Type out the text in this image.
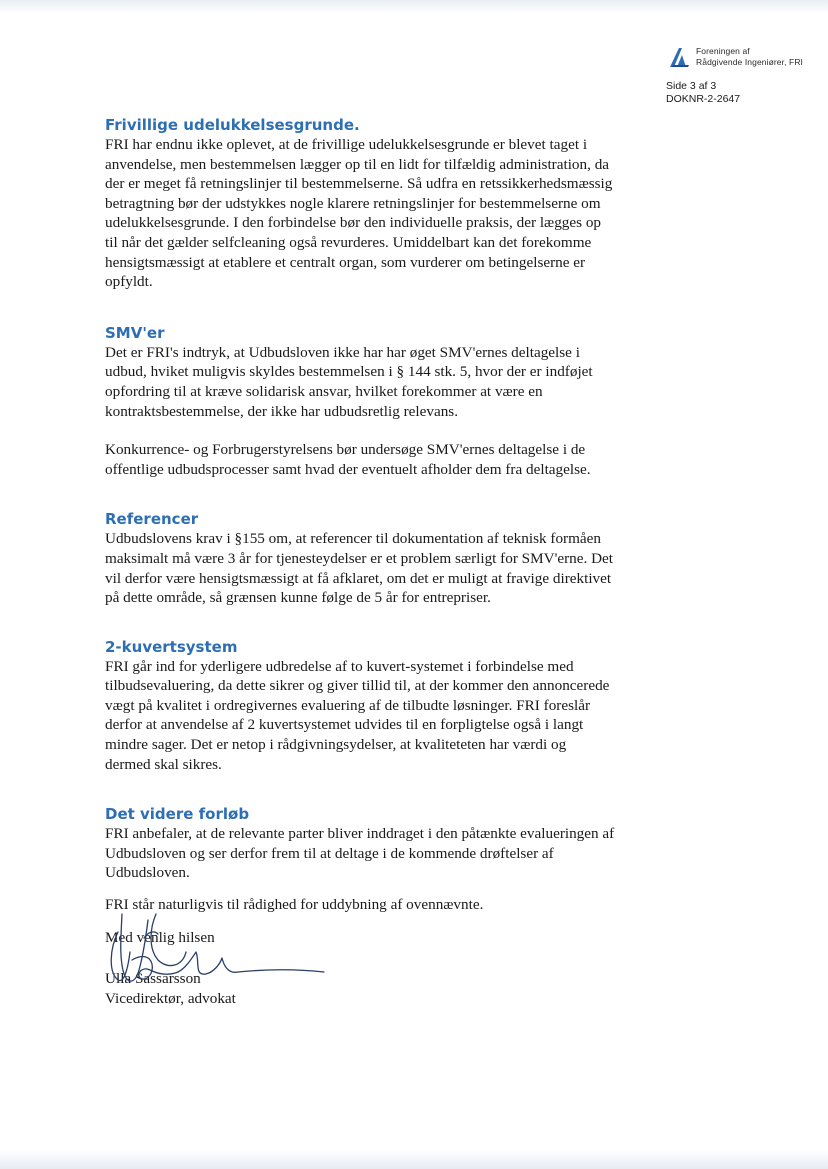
Foreningen af
Rådgivende Ingeniører, FRI
Side 3 af 3
DOKNR-2-2647
Frivillige udelukkelsesgrunde.

FRI har endnu ikke oplevet, at de frivillige udelukkelsesgrunde er blevet taget i
anvendelse, men bestemmelsen lægger op til en lidt for tilfældig administration, da
der er meget få retningslinjer til bestemmelserne. Så udfra en retssikkerhedsmæssig
betragtning bør der udstykkes nogle klarere retningslinjer for bestemmelserne om
udelukkelsesgrunde. I den forbindelse bør den individuelle praksis, der lægges op
til når det gælder selfcleaning også revurderes. Umiddelbart kan det forekomme
hensigtsmæssigt at etablere et centralt organ, som vurderer om betingelserne er
opfyldt.

SMV'er

Det er FRI's indtryk, at Udbudsloven ikke har har øget SMV'ernes deltagelse i
udbud, hviket muligvis skyldes bestemmelsen i § 144 stk. 5, hvor der er indføjet
opfordring til at kræve solidarisk ansvar, hvilket forekommer at være en
kontraktsbestemmelse, der ikke har udbudsretlig relevans.

Konkurrence- og Forbrugerstyrelsens bør undersøge SMV'ernes deltagelse i de
offentlige udbudsprocesser samt hvad der eventuelt afholder dem fra deltagelse.

Referencer

Udbudslovens krav i §155 om, at referencer til dokumentation af teknisk formåen
maksimalt må være 3 år for tjenesteydelser er et problem særligt for SMV'erne. Det
vil derfor være hensigtsmæssigt at få afklaret, om det er muligt at fravige direktivet
på dette område, så grænsen kunne følge de 5 år for entrepriser.

2-kuvertsystem

FRI går ind for yderligere udbredelse af to kuvert-systemet i forbindelse med
tilbudsevaluering, da dette sikrer og giver tillid til, at der kommer den annoncerede
vægt på kvalitet i ordregivernes evaluering af de tilbudte løsninger. FRI foreslår
derfor at anvendelse af 2 kuvertsystemet udvides til en forpligtelse også i langt
mindre sager. Det er netop i rådgivningsydelser, at kvaliteteten har værdi og
dermed skal sikres.

Det videre forløb

FRI anbefaler, at de relevante parter bliver inddraget i den påtænkte evalueringen af
Udbudsloven og ser derfor frem til at deltage i de kommende drøftelser af
Udbudsloven.

FRI står naturligvis til rådighed for uddybning af ovennævnte.

Med venlig hilsen

Ulla Sassarsson

Vicedirektør, advokat
